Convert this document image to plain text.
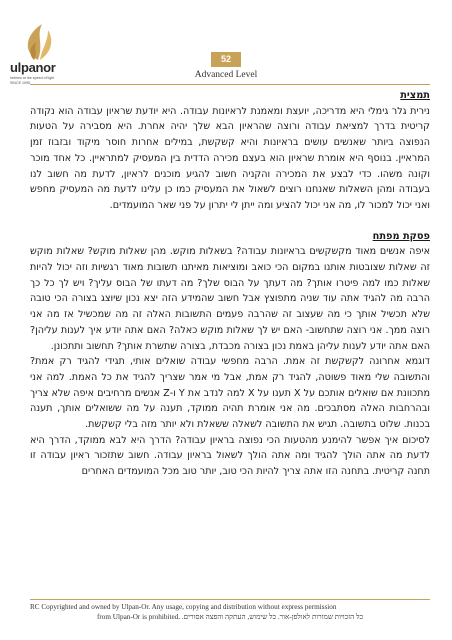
ulpanor
hebrew at the speed of light
SINCE 1995
52
Advanced Level

תמצית

נירית גלר גימלי היא מדריכה, יועצת ומאמנת לראיונות עבודה. היא יודעת שראיון עבודה הוא נקודה קריטית בדרך למציאת עבודה ורוצה שהראיון הבא שלך יהיה אחרת. היא מסבירה על הטעות הנפוצה ביותר שאנשים עושים בראיונות והיא קשקשת, במילים אחרות חוסר מיקוד ובזבוז זמן המראיין. בנוסף היא אומרת שראיון הוא בעצם מכירה הדדית בין המעסיק למתראיין. כל אחד מוכר וקונה משהו. כדי לבצע את המכירה והקניה חשוב להגיע מוכנים לראיון, לדעת מה חשוב לנו בעבודה ומהן השאלות שאנחנו רוצים לשאול את המעסיק כמו כן עלינו לדעת מה המעסיק מחפש ואני יכול למכור לו, מה אני יכול להציע ומה ייתן לי יתרון על פני שאר המועמדים.

פסקת מפתח

איפה אנשים מאוד מקשקשים בראיונות עבודה? בשאלות מוקש. מהן שאלות מוקש? שאלות מוקש זה שאלות שצובטות אותנו במקום הכי כואב ומוציאות מאיתנו תשובות מאוד רגשיות וזה יכול להיות שאלות כמו למה פיטרו אותך? מה דעתך על הבוס שלך? מה דעתו של הבוס עליך? ויש לך כל כך הרבה מה להגיד אתה עוד שניה מתפוצץ אבל חשוב שהמידע הזה יצא נכון שיוצג בצורה הכי טובה שלא תכשיל אותך כי מה שעצוב זה שהרבה פעמים התשובות האלה זה מה שמכשיל אז מה אני רוצה ממך. אני רוצה שתחשוב- האם יש לך שאלות מוקש כאלה? האם אתה יודע איך לענות עליהן? האם אתה יודע לענות עליהן באמת נכון בצורה מכבדת, בצורה שתשרת אותך? תחשוב ותתכונן.

דוגמא אחרונה לקשקשת זה אמת. הרבה מחפשי עבודה שואלים אותי, תגידי להגיד רק אמת? והתשובה שלי מאוד פשוטה, להגיד רק אמת, אבל מי אמר שצריך להגיד את כל האמת. למה אני מתכוונת אם שואלים אותכם על X תענו על X למה לנדב את Y ו-Z אנשים מרחיבים איפה שלא צריך ובהרחבות האלה מסתבכים. מה אני אומרת תהיה ממוקד, תענה על מה ששואלים אותך, תענה בכנות. שלוט בתשובה. תגיש את התשובה לשאלה ששאלת ולא יותר מזה בלי קשקשת.

לסיכום איך אפשר להימנע מהטעות הכי נפוצה בראיון עבודה? הדרך היא לבא ממוקד, הדרך היא לדעת מה אתה הולך להגיד ומה אתה הולך לשאול בראיון עבודה. חשוב שתזכור ראיון עבודה זו תחנה קריטית. בתחנה הזו אתה צריך להיות הכי טוב, יותר טוב מכל המועמדים האחרים

RC Copyrighted and owned by Ulpan-Or. Any usage, copying and distribution without express permission
from Ulpan-Or is prohibited. כל הזכויות שמורות לאולפן-אור. כל שימוש, העתקה והפצה אסורים.
